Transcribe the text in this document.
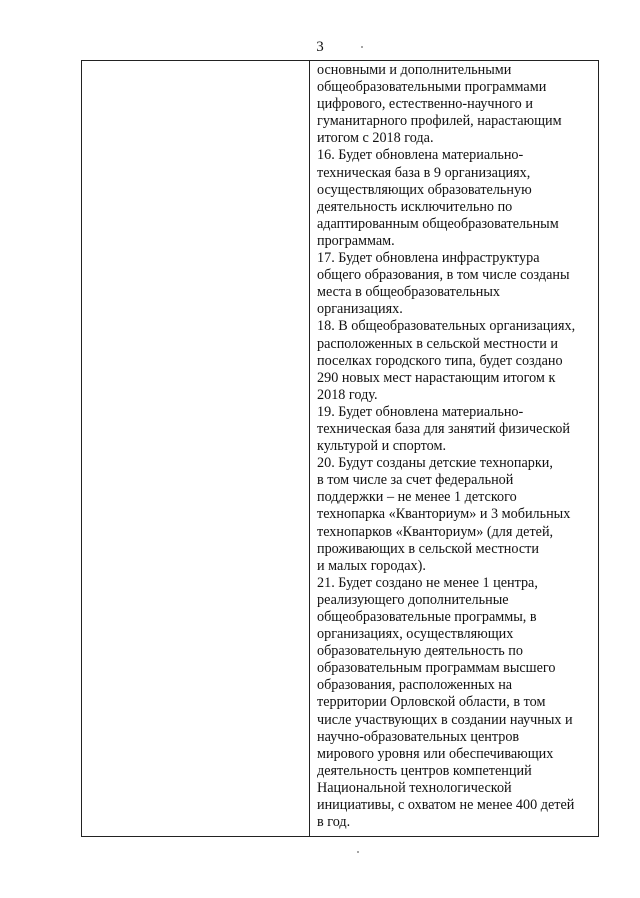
3
основными и дополнительными
общеобразовательными программами
цифрового, естественно-научного и
гуманитарного профилей, нарастающим
итогом с 2018 года.
16. Будет обновлена материально-
техническая база в 9 организациях,
осуществляющих образовательную
деятельность исключительно по
адаптированным общеобразовательным
программам.
17. Будет обновлена инфраструктура
общего образования, в том числе созданы
места в общеобразовательных
организациях.
18. В общеобразовательных организациях,
расположенных в сельской местности и
поселках городского типа, будет создано
290 новых мест нарастающим итогом к
2018 году.
19. Будет обновлена материально-
техническая база для занятий физической
культурой и спортом.
20. Будут созданы детские технопарки,
в том числе за счет федеральной
поддержки – не менее 1 детского
технопарка «Кванториум» и 3 мобильных
технопарков «Кванториум» (для детей,
проживающих в сельской местности
и малых городах).
21. Будет создано не менее 1 центра,
реализующего дополнительные
общеобразовательные программы, в
организациях, осуществляющих
образовательную деятельность по
образовательным программам высшего
образования, расположенных на
территории Орловской области, в том
числе участвующих в создании научных и
научно-образовательных центров
мирового уровня или обеспечивающих
деятельность центров компетенций
Национальной технологической
инициативы, с охватом не менее 400 детей
в год.
